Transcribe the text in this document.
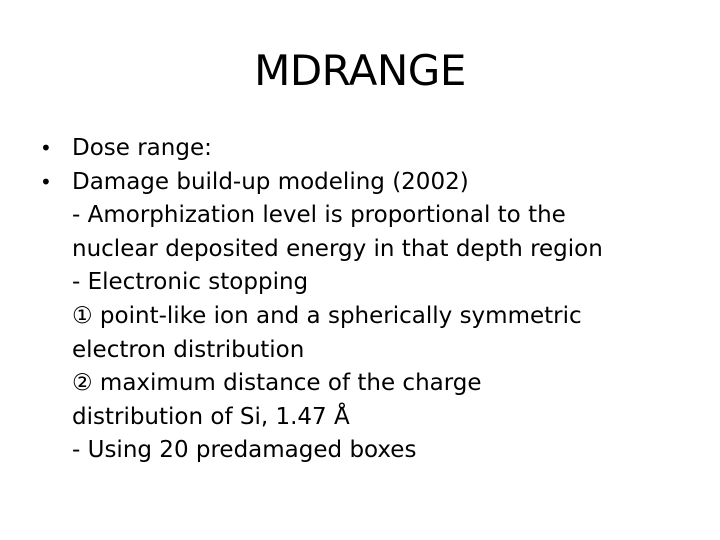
MDRANGE
• Dose range:
• Damage build-up modeling (2002)
- Amorphization level is proportional to the
nuclear deposited energy in that depth region
- Electronic stopping
① point-like ion and a spherically symmetric
electron distribution
② maximum distance of the charge
distribution of Si, 1.47 Å
- Using 20 predamaged boxes
